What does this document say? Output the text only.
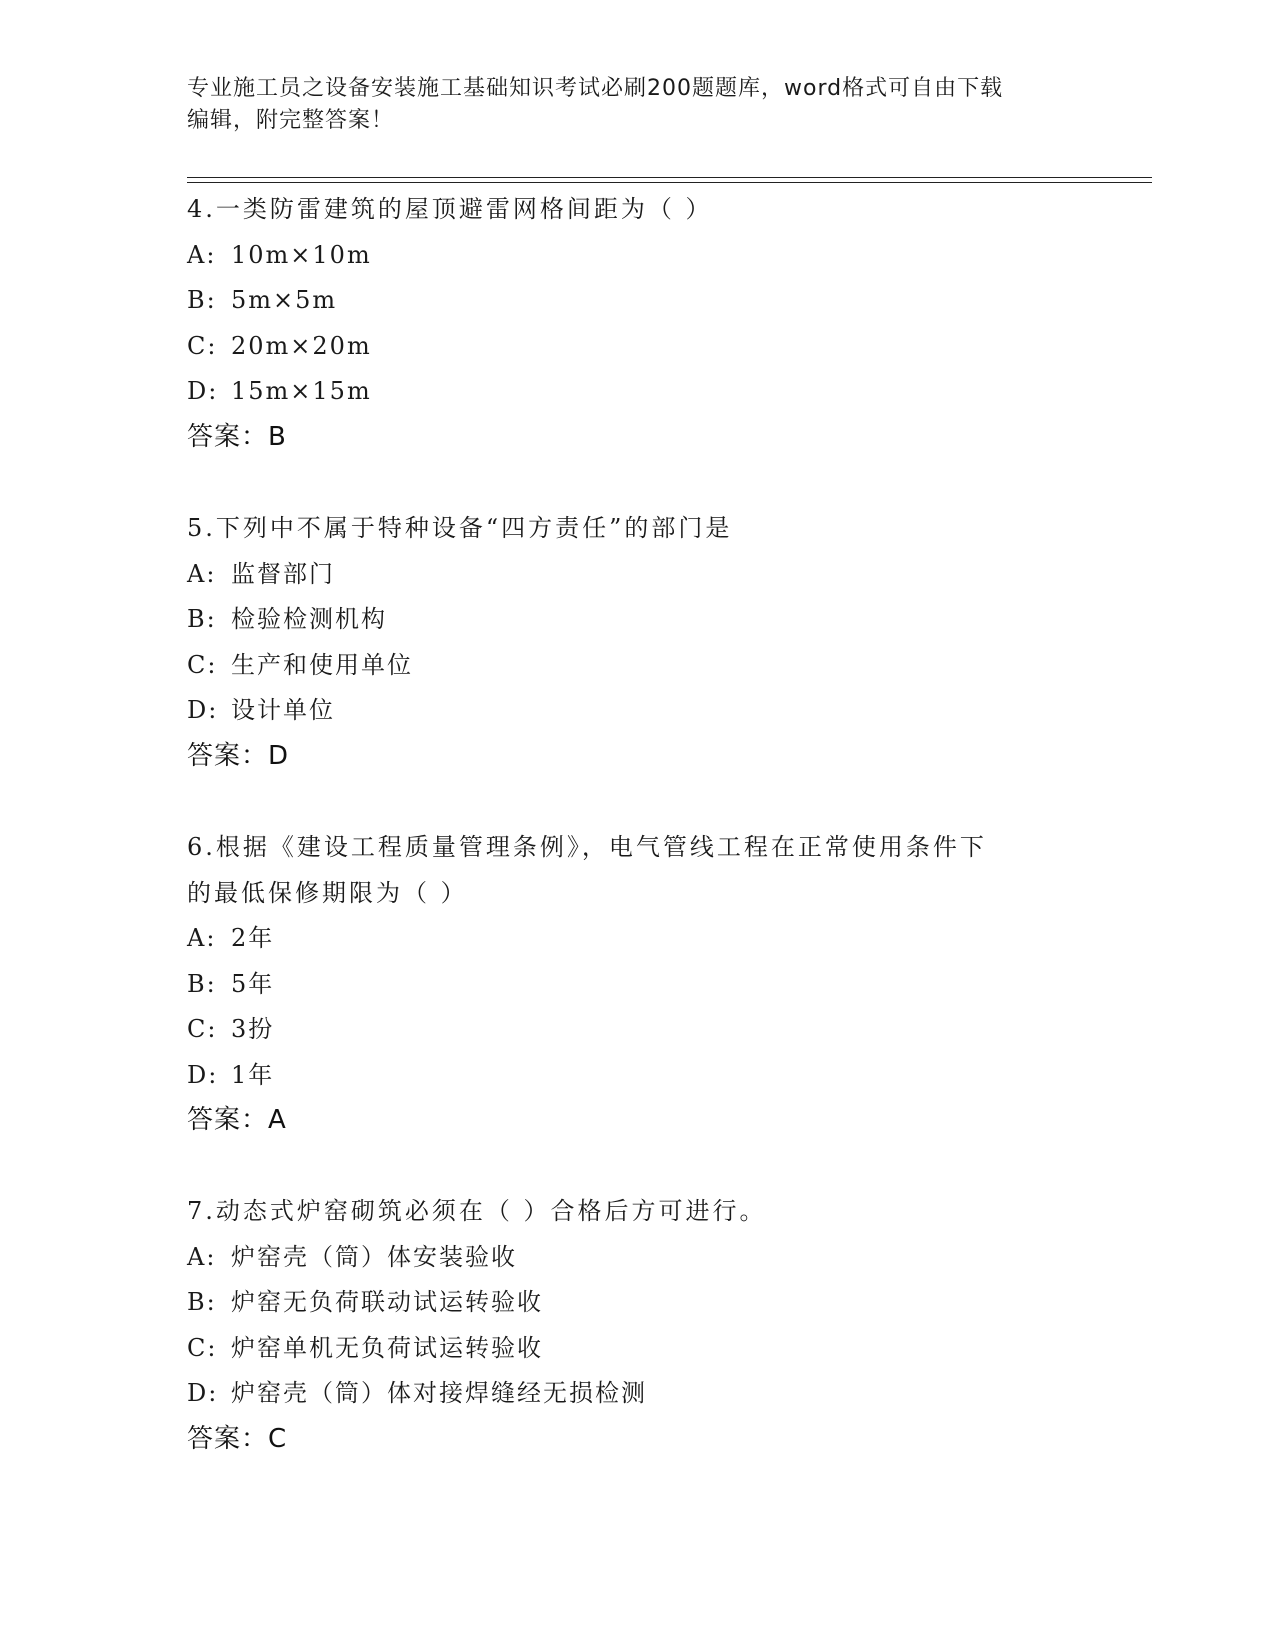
专业施工员之设备安装施工基础知识考试必刷200题题库，word格式可自由下载
编辑，附完整答案！
4.一类防雷建筑的屋顶避雷网格间距为（ ）
A: 10m×10m
B: 5m×5m
C: 20m×20m
D: 15m×15m
答案：B
5.下列中不属于特种设备“四方责任”的部门是
A: 监督部门
B: 检验检测机构
C: 生产和使用单位
D: 设计单位
答案：D
6.根据《建设工程质量管理条例》，电气管线工程在正常使用条件下
的最低保修期限为（ ）
A: 2年
B: 5年
C: 3扮
D: 1年
答案：A
7.动态式炉窑砌筑必须在（ ）合格后方可进行。
A: 炉窑壳（筒）体安装验收
B: 炉窑无负荷联动试运转验收
C: 炉窑单机无负荷试运转验收
D: 炉窑壳（筒）体对接焊缝经无损检测
答案：C
